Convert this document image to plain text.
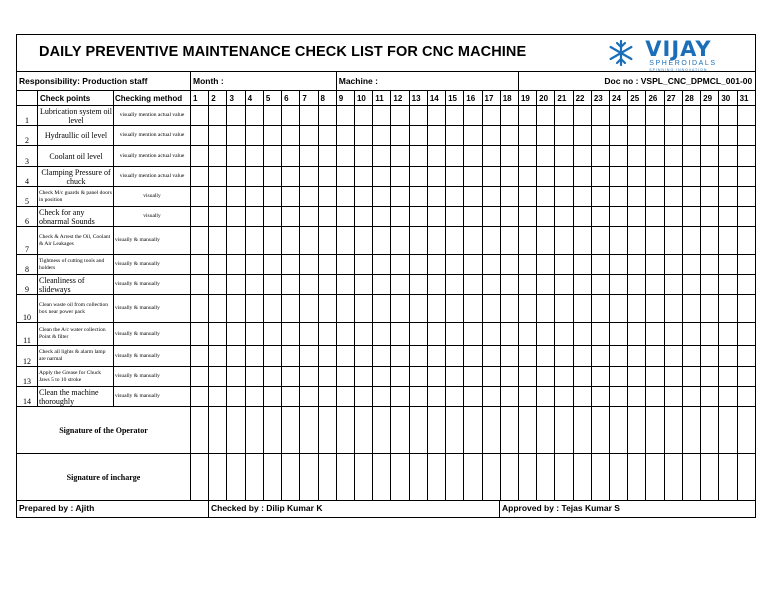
DAILY PREVENTIVE MAINTENANCE CHECK LIST FOR CNC MACHINE VIJAY
SPHEROIDALS
SPINNING INNOVATION																																	

Responsibility: Production staff			Month :								Machine :										Doc no : VSPL_CNC_DPMCL_001-00												
	Check points	Checking method	1	2	3	4	5	6	7	8	9	10	11	12	13	14	15	16	17	18	19	20	21	22	23	24	25	26	27	28	29	30	31
1	Lubrication system oil level	visually mention actual value																															
2	Hydraullic oil level	visually mention actual value																															
3	Coolant oil level	visually mention actual value																															
4	Clamping Pressure of chuck	visually mention actual value																															
5	Check M/c guards & panel doors in position	visually																															
6	Check for any obnarmal Sounds	visually																															
7	Check & Arrest the Oil, Coolant & Air Leakages	visually & manually																															
8	Tightness of cutting tools and holders	visually & manually																															
9	Cleanliness of slideways	visually & manually																															
10	Clean waste oil from collection box near power pack	visually & manually																															
11	Clean the A/c water collection Point & filter	visually & manually																															
12	Check all lights & alarm lamp are narmal	visually & manually																															
13	Apply the Grease for Chuck Jaws 5 to 10 stroke	visually & manually																															
14	Clean the machine thoroughly	visually & manually																															
Signature of the Operator																																	
Signature of incharge																																	

Prepared by : Ajith Checked by : Dilip Kumar K Approved by : Tejas Kumar S																																	
